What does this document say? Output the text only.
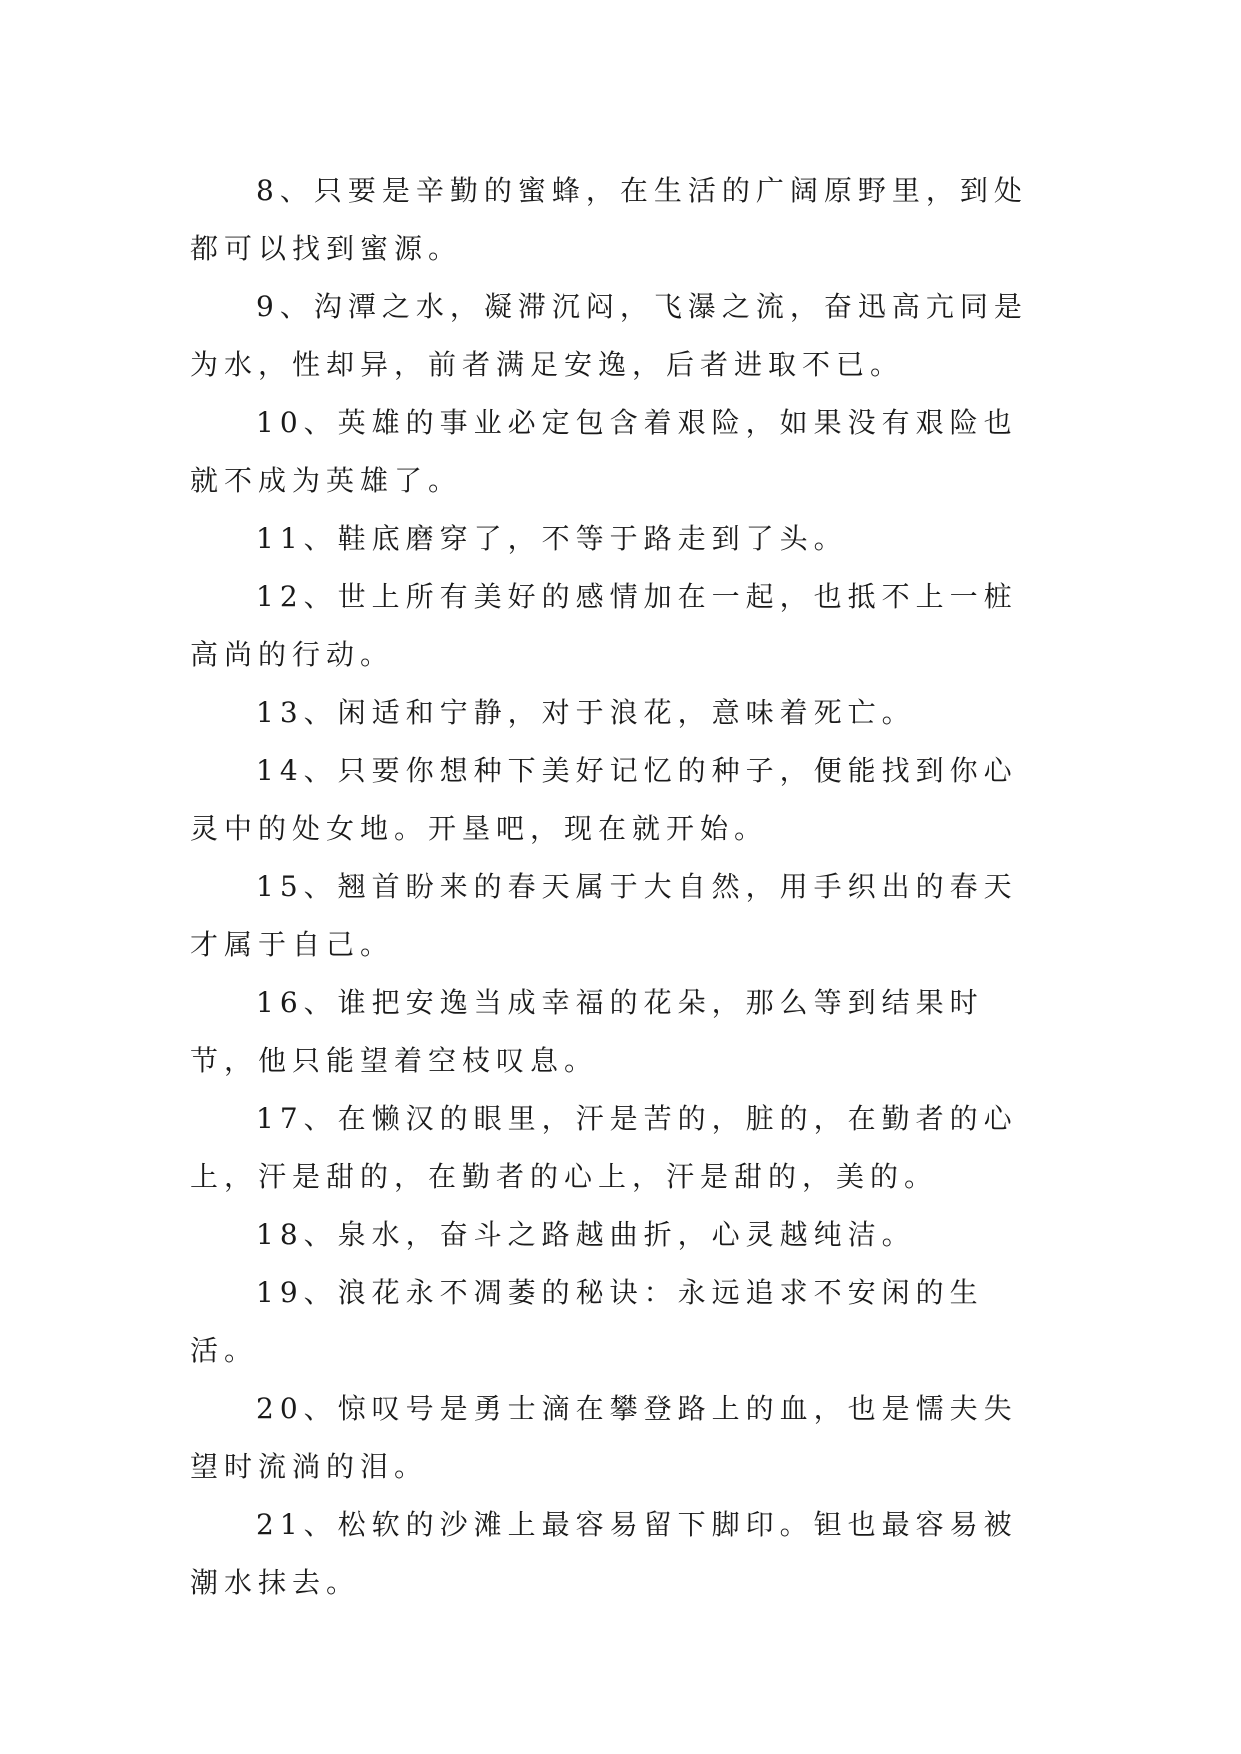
8、只要是辛勤的蜜蜂，在生活的广阔原野里，到处都可以找到蜜源。

9、沟潭之水，凝滞沉闷，飞瀑之流，奋迅高亢同是为水，性却异，前者满足安逸，后者进取不已。

10、英雄的事业必定包含着艰险，如果没有艰险也就不成为英雄了。

11、鞋底磨穿了，不等于路走到了头。

12、世上所有美好的感情加在一起，也抵不上一桩高尚的行动。

13、闲适和宁静，对于浪花，意味着死亡。

14、只要你想种下美好记忆的种子，便能找到你心灵中的处女地。开垦吧，现在就开始。

15、翘首盼来的春天属于大自然，用手织出的春天才属于自己。

16、谁把安逸当成幸福的花朵，那么等到结果时节，他只能望着空枝叹息。

17、在懒汉的眼里，汗是苦的，脏的，在勤者的心上，汗是甜的，在勤者的心上，汗是甜的，美的。

18、泉水，奋斗之路越曲折，心灵越纯洁。

19、浪花永不凋萎的秘诀：永远追求不安闲的生活。

20、惊叹号是勇士滴在攀登路上的血，也是懦夫失望时流淌的泪。

21、松软的沙滩上最容易留下脚印。钽也最容易被潮水抹去。
